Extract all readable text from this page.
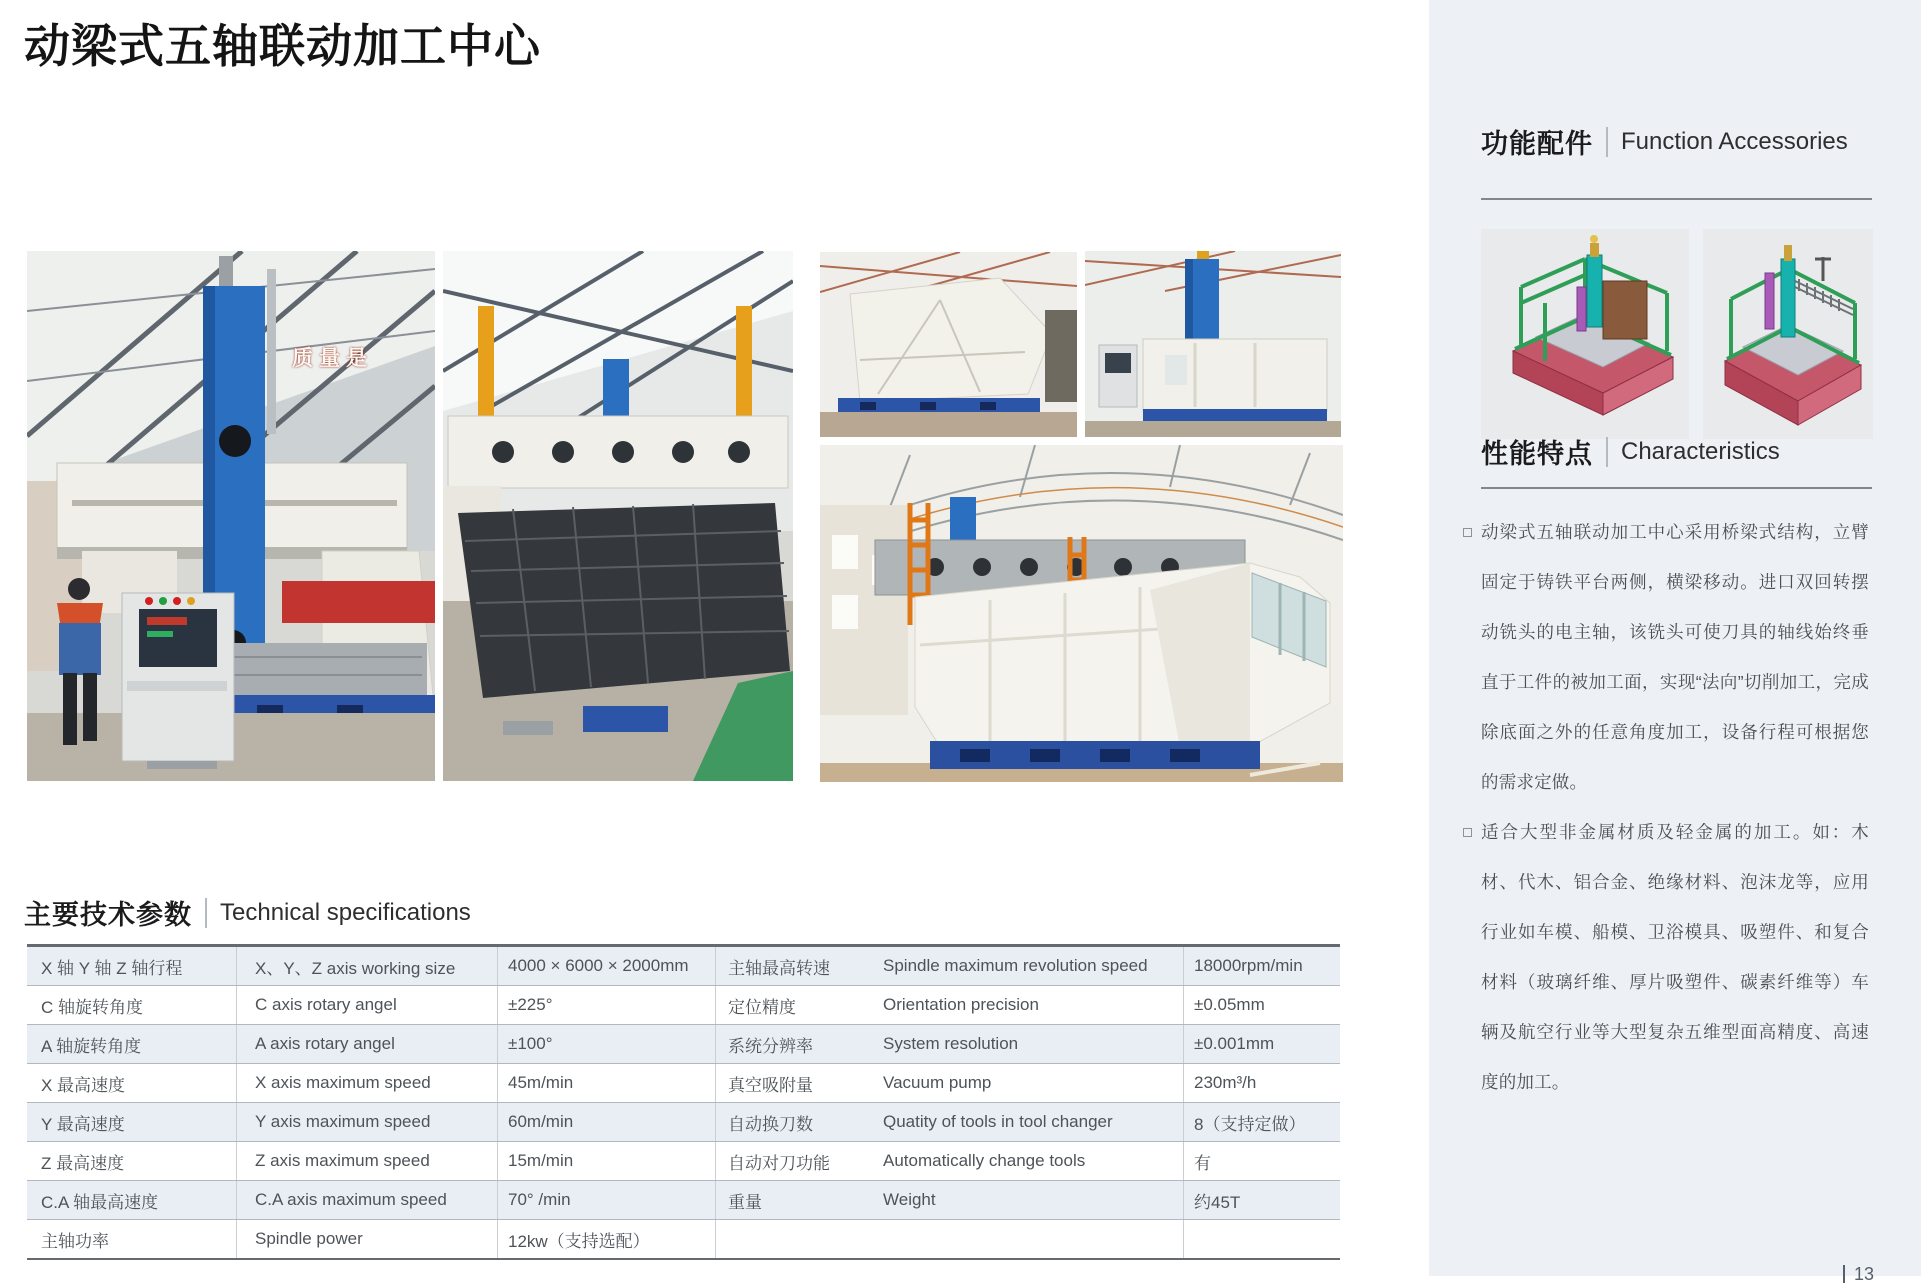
动梁式五轴联动加工中心
质量是
主要技术参数 Technical specifications
X 轴 Y 轴 Z 轴行程	X、Y、Z axis working size	4000 × 6000 × 2000mm	主轴最高转速	Spindle maximum revolution speed	18000rpm/min
C 轴旋转角度	C axis rotary angel	±225°	定位精度	Orientation precision	±0.05mm
A 轴旋转角度	A axis rotary angel	±100°	系统分辨率	System resolution	±0.001mm
X 最高速度	X axis maximum speed	45m/min	真空吸附量	Vacuum pump	230m³/h
Y 最高速度	Y axis maximum speed	60m/min	自动换刀数	Quatity of tools in tool changer	8（支持定做）
Z 最高速度	Z axis maximum speed	15m/min	自动对刀功能	Automatically change tools	有
C.A 轴最高速度	C.A axis maximum speed	70° /min	重量	Weight	约45T
主轴功率	Spindle power	12kw（支持选配）
功能配件 Function Accessories
性能特点 Characteristics
动梁式五轴联动加工中心采用桥梁式结构，立臂固定于铸铁平台两侧，横梁移动。进口双回转摆动铣头的电主轴，该铣头可使刀具的轴线始终垂直于工件的被加工面，实现“法向”切削加工，完成除底面之外的任意角度加工，设备行程可根据您的需求定做。
适合大型非金属材质及轻金属的加工。如：木材、代木、铝合金、绝缘材料、泡沫龙等，应用行业如车模、船模、卫浴模具、吸塑件、和复合材料（玻璃纤维、厚片吸塑件、碳素纤维等）车辆及航空行业等大型复杂五维型面高精度、高速度的加工。
13
